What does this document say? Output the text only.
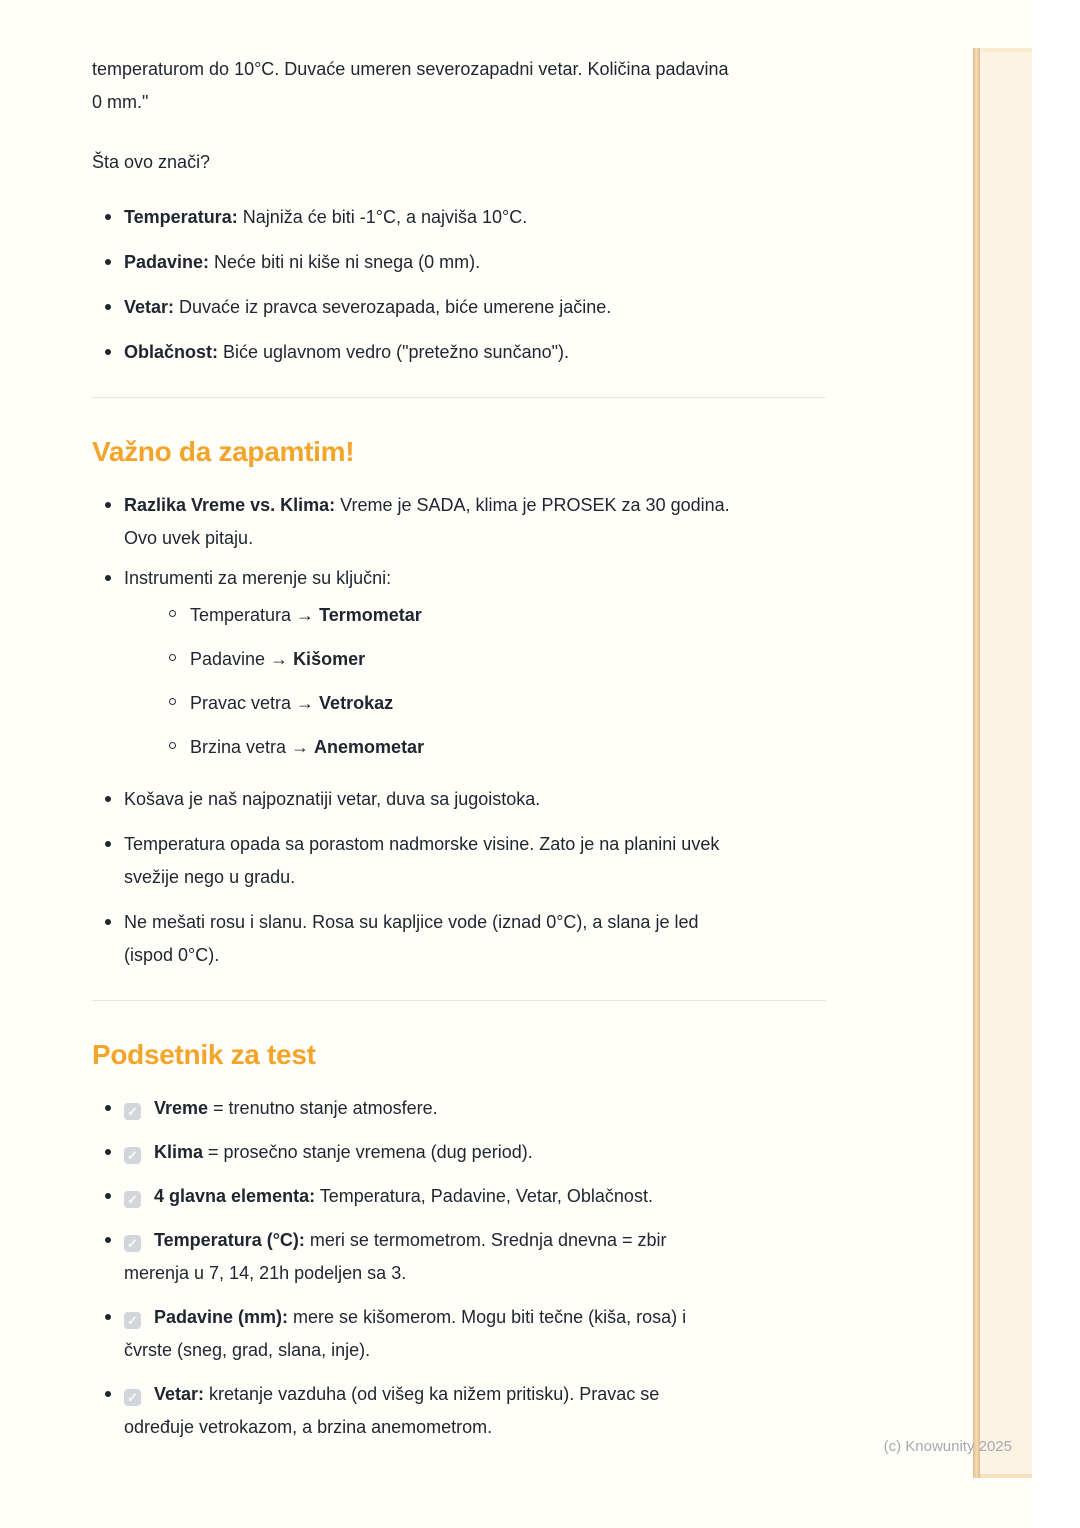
temperaturom do 10°C. Duvaće umeren severozapadni vetar. Količina padavina
0 mm."

Šta ovo znači?

Temperatura: Najniža će biti -1°C, a najviša 10°C.
Padavine: Neće biti ni kiše ni snega (0 mm).
Vetar: Duvaće iz pravca severozapada, biće umerene jačine.
Oblačnost: Biće uglavnom vedro ("pretežno sunčano").
Važno da zapamtim!
Razlika Vreme vs. Klima: Vreme je SADA, klima je PROSEK za 30 godina.
Ovo uvek pitaju.
Instrumenti za merenje su ključni:
Temperatura → Termometar
Padavine → Kišomer
Pravac vetra → Vetrokaz
Brzina vetra → Anemometar
Košava je naš najpoznatiji vetar, duva sa jugoistoka.
Temperatura opada sa porastom nadmorske visine. Zato je na planini uvek
svežije nego u gradu.
Ne mešati rosu i slanu. Rosa su kapljice vode (iznad 0°C), a slana je led
(ispod 0°C).
Podsetnik za test
✓ Vreme = trenutno stanje atmosfere.
✓ Klima = prosečno stanje vremena (dug period).
✓ 4 glavna elementa: Temperatura, Padavine, Vetar, Oblačnost.
✓ Temperatura (°C): meri se termometrom. Srednja dnevna = zbir
merenja u 7, 14, 21h podeljen sa 3.
✓ Padavine (mm): mere se kišomerom. Mogu biti tečne (kiša, rosa) i
čvrste (sneg, grad, slana, inje).
✓ Vetar: kretanje vazduha (od višeg ka nižem pritisku). Pravac se
određuje vetrokazom, a brzina anemometrom.
(c) Knowunity 2025
